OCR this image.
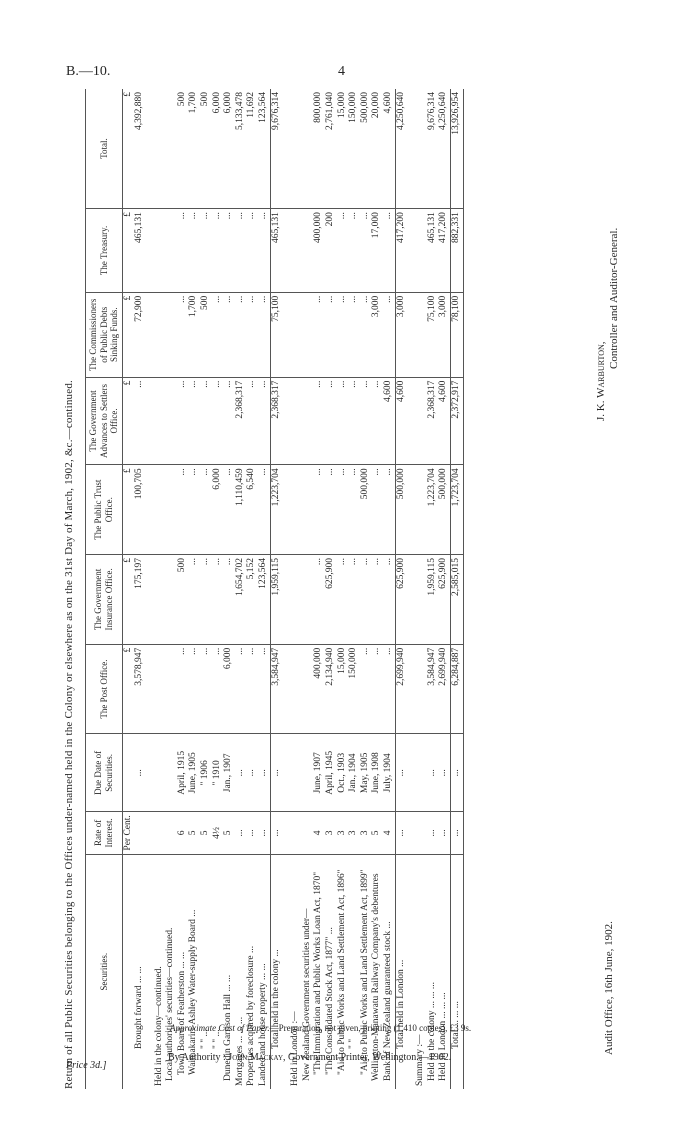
B.—10.	4
Return of all Public Securities belonging to the Offices under-named held in the Colony or elsewhere as on the 31st Day of March, 1902, &c.—continued.	Securities.	Rate of Interest.	Due Date of Securities.	The Post Office.	The Government Insurance Office.	The Public Trust Office.	The Government Advances to Settlers Office.	The Commissioners of Public Debts Sinking Funds.	The Treasury.	Total.
	Per Cent.		£	£	£	£	£	£	£
Brought forward ... ...		...	3,578,947	175,197	100,705	...	72,900	465,131	4,392,880

Held in the colony—continued.									
Local authorities' securities—continued.									
Town Board of Featherston ... ...	6	April, 1915	...	500	...	...	...	...	500
Waimakariri-Ashley Water-supply Board ...	5	June, 1905	...	...	...	...	1,700	...	1,700
" " ...	5	" 1906	...	...	...	...	500	...	500
" " ...	4½	" 1910	...	...	6,000	...	...	...	6,000
Dunedin Garrison Hall ... ...	5	Jan., 1907	6,000	...	...	...	...	...	6,000
Mortgages ... ... ...	...	...	...	1,654,702	1,110,459	2,368,317	...	...	5,133,478
Properties acquired by foreclosure ...	...	...	...	5,152	6,540	...	...	...	11,692
Landed and house property ... ...	...	...	...	123,564	...	...	...	...	123,564
Total held in the colony ...	...	...	3,584,947	1,959,115	1,223,704	2,368,317	75,100	465,131	9,676,314

Held in London :—									
New Zealand Government securities under—									
"The Immigration and Public Works Loan Act, 1870"	4	June, 1907	400,000	...	...	...	...	400,000	800,000
"The Consolidated Stock Act, 1877" ...	3	April, 1945	2,134,940	625,900	...	...	...	200	2,761,040
"Aid to Public Works and Land Settlement Act, 1896"	3	Oct., 1903	15,000	...	...	...	...	...	15,000
" "	3	Jan., 1904	150,000	...	...	...	...	...	150,000
"Aid to Public Works and Land Settlement Act, 1899"	3	May, 1905	...	...	500,000	...	...	...	500,000
Wellington-Manawatu Railway Company's debentures	5	June, 1908	...	...	...	...	3,000	17,000	20,000
Bank of New Zealand guaranteed stock ...	4	July, 1904	...	...	...	4,600	...	...	4,600
Total held in London ...	...	...	2,699,940	625,900	500,000	4,600	3,000	417,200	4,250,640

Summary :—									
Held in the colony ... ... ...	...	...	3,584,947	1,959,115	1,223,704	2,368,317	75,100	465,131	9,676,314
Held in London ... ... ...	...	...	2,699,940	625,900	500,000	4,600	3,000	417,200	4,250,640
Total ... ... ...	...	...	6,284,887	2,585,015	1,723,704	2,372,917	78,100	882,331	13,926,954
J. K. Warburton,
Controller and Auditor-General.
Audit Office, 16th June, 1902.
Approximate Cost of Paper.—Preparation, not given, printing (1,410 copies), £3 9s.
By Authority : John Mackay, Government Printer, Wellington.—1902.
Price 3d.]
